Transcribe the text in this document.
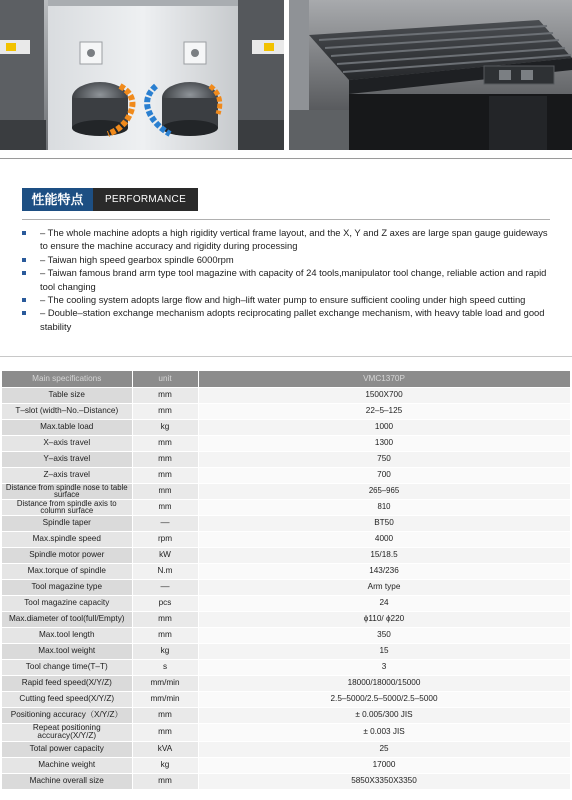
性能特点	PERFORMANCE
– The whole machine adopts a high rigidity vertical frame layout, and the X, Y and Z axes are large span gauge guideways to ensure the machine accuracy and rigidity during processing
– Taiwan high speed gearbox spindle 6000rpm
– Taiwan famous brand arm type tool magazine with capacity of 24 tools,manipulator tool change, reliable action and rapid tool changing
– The cooling system adopts large flow and high–lift water pump to ensure sufficient cooling under high speed cutting
– Double–station exchange mechanism adopts reciprocating pallet exchange mechanism, with heavy table load and good stability
Main specifications	unit	VMC1370P
Table size	mm	1500X700
T–slot (width–No.–Distance)	mm	22–5–125
Max.table load	kg	1000
X–axis travel	mm	1300
Y–axis travel	mm	750
Z–axis travel	mm	700
Distance from spindle nose to table surface	mm	265–965
Distance from spindle axis to column surface	mm	810
Spindle taper	––	BT50
Max.spindle speed	rpm	4000
Spindle motor power	kW	15/18.5
Max.torque of spindle	N.m	143/236
Tool magazine type	––	Arm type
Tool magazine capacity	pcs	24
Max.diameter of tool(full/Empty)	mm	ϕ110/ ϕ220
Max.tool length	mm	350
Max.tool weight	kg	15
Tool change time(T–T)	s	3
Rapid feed speed(X/Y/Z)	mm/min	18000/18000/15000
Cutting feed speed(X/Y/Z)	mm/min	2.5–5000/2.5–5000/2.5–5000
Positioning accuracy（X/Y/Z）	mm	± 0.005/300 JIS
Repeat positioning accuracy(X/Y/Z)	mm	± 0.003 JIS
Total power capacity	kVA	25
Machine weight	kg	17000
Machine overall size	mm	5850X3350X3350
